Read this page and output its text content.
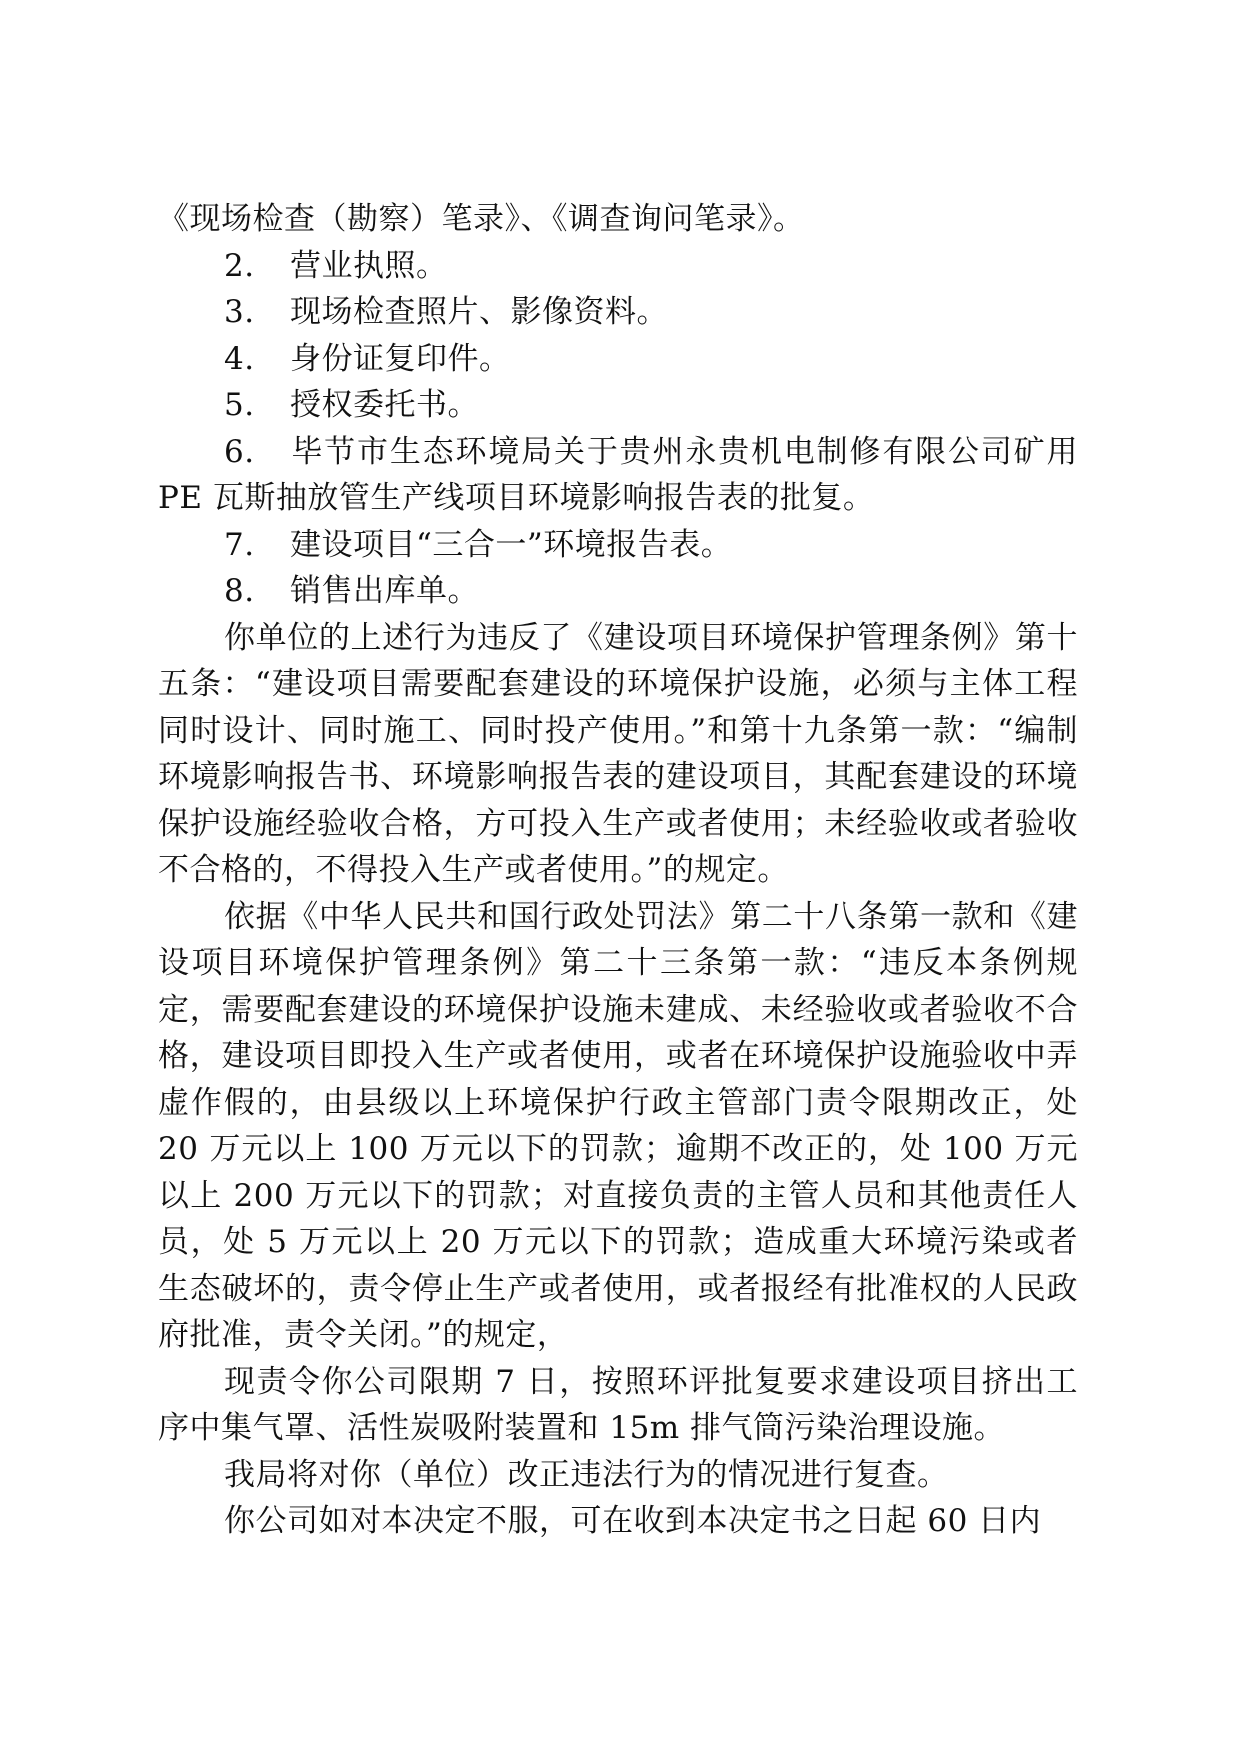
《现场检查（勘察）笔录》、《调查询问笔录》。

2. 营业执照。
3. 现场检查照片、影像资料。
4. 身份证复印件。
5. 授权委托书。

6. 毕节市生态环境局关于贵州永贵机电制修有限公司矿用 PE 瓦斯抽放管生产线项目环境影响报告表的批复。

7. 建设项目“三合一”环境报告表。
8. 销售出库单。

你单位的上述行为违反了《建设项目环境保护管理条例》第十五条：“建设项目需要配套建设的环境保护设施，必须与主体工程同时设计、同时施工、同时投产使用。”和第十九条第一款：“编制环境影响报告书、环境影响报告表的建设项目，其配套建设的环境保护设施经验收合格，方可投入生产或者使用；未经验收或者验收不合格的，不得投入生产或者使用。”的规定。

依据《中华人民共和国行政处罚法》第二十八条第一款和《建设项目环境保护管理条例》第二十三条第一款：“违反本条例规定，需要配套建设的环境保护设施未建成、未经验收或者验收不合格，建设项目即投入生产或者使用，或者在环境保护设施验收中弄虚作假的，由县级以上环境保护行政主管部门责令限期改正，处 20 万元以上 100 万元以下的罚款；逾期不改正的，处 100 万元以上 200 万元以下的罚款；对直接负责的主管人员和其他责任人员，处 5 万元以上 20 万元以下的罚款；造成重大环境污染或者生态破坏的，责令停止生产或者使用，或者报经有批准权的人民政府批准，责令关闭。”的规定，

现责令你公司限期 7 日，按照环评批复要求建设项目挤出工序中集气罩、活性炭吸附装置和 15m 排气筒污染治理设施。

我局将对你（单位）改正违法行为的情况进行复查。

你公司如对本决定不服，可在收到本决定书之日起 60 日内
